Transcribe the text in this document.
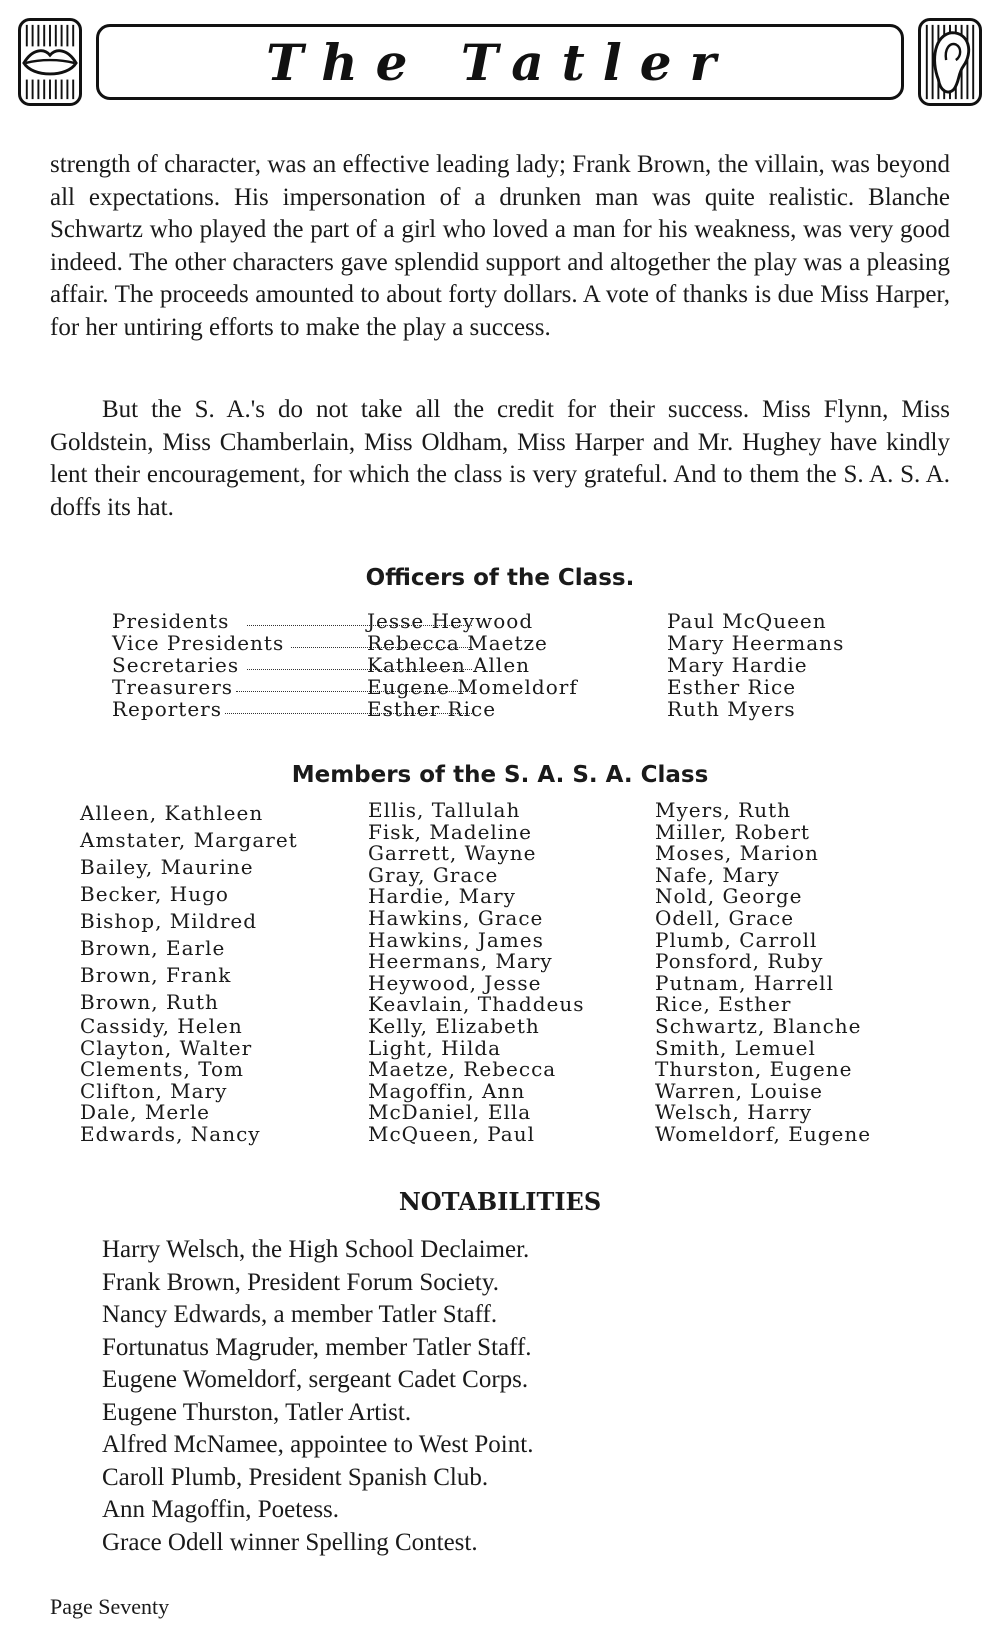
The Tatler

strength of character, was an effective leading lady; Frank Brown, the villain, was beyond all expectations. His impersonation of a drunken man was quite realistic. Blanche Schwartz who played the part of a girl who loved a man for his weakness, was very good indeed. The other characters gave splendid support and altogether the play was a pleasing affair. The proceeds amounted to about forty dollars. A vote of thanks is due Miss Harper, for her untiring efforts to make the play a success.

But the S. A.'s do not take all the credit for their success. Miss Flynn, Miss Goldstein, Miss Chamberlain, Miss Oldham, Miss Harper and Mr. Hughey have kindly lent their encouragement, for which the class is very grateful. And to them the S. A. S. A. doffs its hat.

Officers of the Class.
Presidents	Jesse Heywood	Paul McQueen
Vice Presidents	Rebecca Maetze	Mary Heermans
Secretaries	Kathleen Allen	Mary Hardie
Treasurers	Eugene Momeldorf	Esther Rice
Reporters	Esther Rice	Ruth Myers
Members of the S. A. S. A. Class
Alleen, Kathleen
Amstater, Margaret
Bailey, Maurine
Becker, Hugo
Bishop, Mildred
Brown, Earle
Brown, Frank
Brown, Ruth
Cassidy, Helen
Clayton, Walter
Clements, Tom
Clifton, Mary
Dale, Merle
Edwards, Nancy
Ellis, Tallulah
Fisk, Madeline
Garrett, Wayne
Gray, Grace
Hardie, Mary
Hawkins, Grace
Hawkins, James
Heermans, Mary
Heywood, Jesse
Keavlain, Thaddeus
Kelly, Elizabeth
Light, Hilda
Maetze, Rebecca
Magoffin, Ann
McDaniel, Ella
McQueen, Paul
Myers, Ruth
Miller, Robert
Moses, Marion
Nafe, Mary
Nold, George
Odell, Grace
Plumb, Carroll
Ponsford, Ruby
Putnam, Harrell
Rice, Esther
Schwartz, Blanche
Smith, Lemuel
Thurston, Eugene
Warren, Louise
Welsch, Harry
Womeldorf, Eugene
NOTABILITIES
Harry Welsch, the High School Declaimer.
Frank Brown, President Forum Society.
Nancy Edwards, a member Tatler Staff.
Fortunatus Magruder, member Tatler Staff.
Eugene Womeldorf, sergeant Cadet Corps.
Eugene Thurston, Tatler Artist.
Alfred McNamee, appointee to West Point.
Caroll Plumb, President Spanish Club.
Ann Magoffin, Poetess.
Grace Odell winner Spelling Contest.

Page Seventy
